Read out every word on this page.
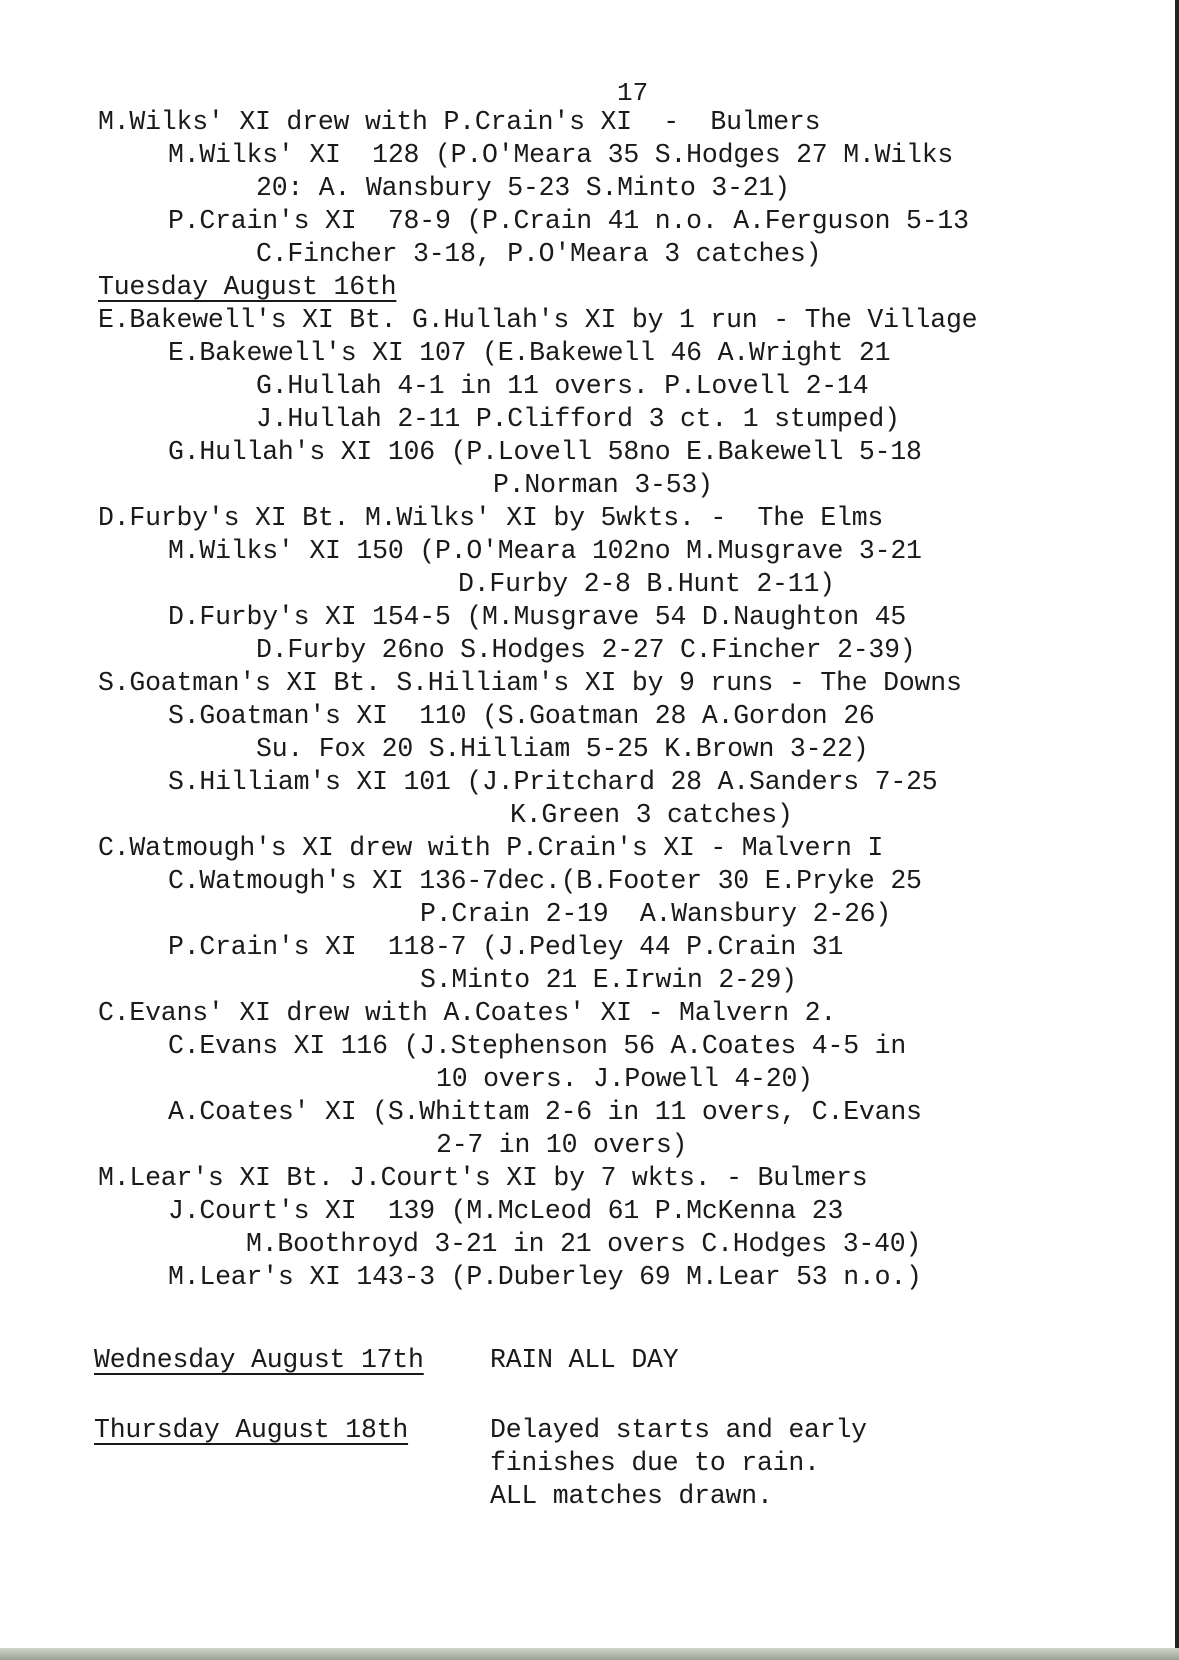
17
M.Wilks' XI drew with P.Crain's XI  -  Bulmers
M.Wilks' XI  128 (P.O'Meara 35 S.Hodges 27 M.Wilks
20: A. Wansbury 5-23 S.Minto 3-21)
P.Crain's XI  78-9 (P.Crain 41 n.o. A.Ferguson 5-13
C.Fincher 3-18, P.O'Meara 3 catches)
Tuesday August 16th
E.Bakewell's XI Bt. G.Hullah's XI by 1 run - The Village
E.Bakewell's XI 107 (E.Bakewell 46 A.Wright 21
G.Hullah 4-1 in 11 overs. P.Lovell 2-14
J.Hullah 2-11 P.Clifford 3 ct. 1 stumped)
G.Hullah's XI 106 (P.Lovell 58no E.Bakewell 5-18
P.Norman 3-53)
D.Furby's XI Bt. M.Wilks' XI by 5wkts. -  The Elms
M.Wilks' XI 150 (P.O'Meara 102no M.Musgrave 3-21
D.Furby 2-8 B.Hunt 2-11)
D.Furby's XI 154-5 (M.Musgrave 54 D.Naughton 45
D.Furby 26no S.Hodges 2-27 C.Fincher 2-39)
S.Goatman's XI Bt. S.Hilliam's XI by 9 runs - The Downs
S.Goatman's XI  110 (S.Goatman 28 A.Gordon 26
Su. Fox 20 S.Hilliam 5-25 K.Brown 3-22)
S.Hilliam's XI 101 (J.Pritchard 28 A.Sanders 7-25
K.Green 3 catches)
C.Watmough's XI drew with P.Crain's XI - Malvern I
C.Watmough's XI 136-7dec.(B.Footer 30 E.Pryke 25
P.Crain 2-19  A.Wansbury 2-26)
P.Crain's XI  118-7 (J.Pedley 44 P.Crain 31
S.Minto 21 E.Irwin 2-29)
C.Evans' XI drew with A.Coates' XI - Malvern 2.
C.Evans XI 116 (J.Stephenson 56 A.Coates 4-5 in
10 overs. J.Powell 4-20)
A.Coates' XI (S.Whittam 2-6 in 11 overs, C.Evans
2-7 in 10 overs)
M.Lear's XI Bt. J.Court's XI by 7 wkts. - Bulmers
J.Court's XI  139 (M.McLeod 61 P.McKenna 23
M.Boothroyd 3-21 in 21 overs C.Hodges 3-40)
M.Lear's XI 143-3 (P.Duberley 69 M.Lear 53 n.o.)
Wednesday August 17th RAIN ALL DAY
Thursday August 18th	Delayed starts and early
finishes due to rain.
ALL matches drawn.
